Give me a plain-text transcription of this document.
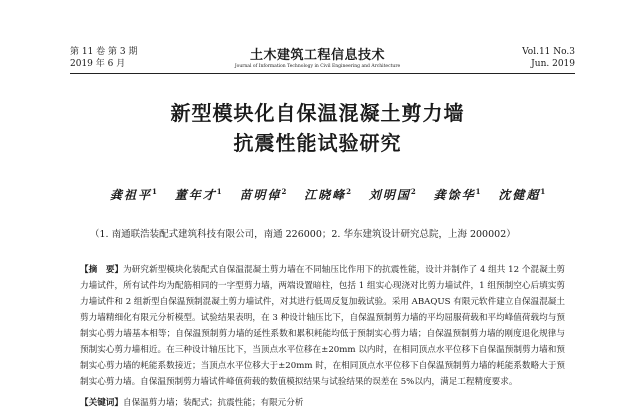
第 11 卷 第 3 期
2019 年 6 月
土木建筑工程信息技术
Journal of Information Technology in Civil Engineering and Architecture
Vol.11 No.3
Jun. 2019
新型模块化自保温混凝土剪力墙
抗震性能试验研究
龚祖平$^1$ 董年才$^1$ 苗明倬$^2$ 江晓峰$^2$ 刘明国$^2$ 龚馀华$^1$ 沈健超$^1$
（1. 南通联浩装配式建筑科技有限公司，南通 226000；2. 华东建筑设计研究总院，上海 200002）
【摘　要】为研究新型模块化装配式自保温混凝土剪力墙在不同轴压比作用下的抗震性能，设计并制作了 4 组共 12 个混凝土剪力墙试件，所有试件均为配筋相同的一字型剪力墙，两端设置暗柱，包括 1 组实心现浇对比剪力墙试件，1 组预制空心后填实剪力墙试件和 2 组新型自保温预制混凝土剪力墙试件，对其进行低周反复加载试验。采用 ABAQUS 有限元软件建立自保温混凝土剪力墙精细化有限元分析模型。试验结果表明，在 3 种设计轴压比下，自保温预制剪力墙的平均屈服荷载和平均峰值荷载均与预制实心剪力墙基本相等；自保温预制剪力墙的延性系数和累积耗能均低于预制实心剪力墙；自保温预制剪力墙的刚度退化规律与预制实心剪力墙相近。在三种设计轴压比下，当顶点水平位移在±20mm 以内时，在相同顶点水平位移下自保温预制剪力墙和预制实心剪力墙的耗能系数接近；当顶点水平位移大于±20mm 时，在相同顶点水平位移下自保温预制剪力墙的耗能系数略大于预制实心剪力墙。自保温预制剪力墙试件峰值荷载的数值模拟结果与试验结果的误差在 5%以内，满足工程精度要求。
【关键词】自保温剪力墙；装配式；抗震性能；有限元分析
